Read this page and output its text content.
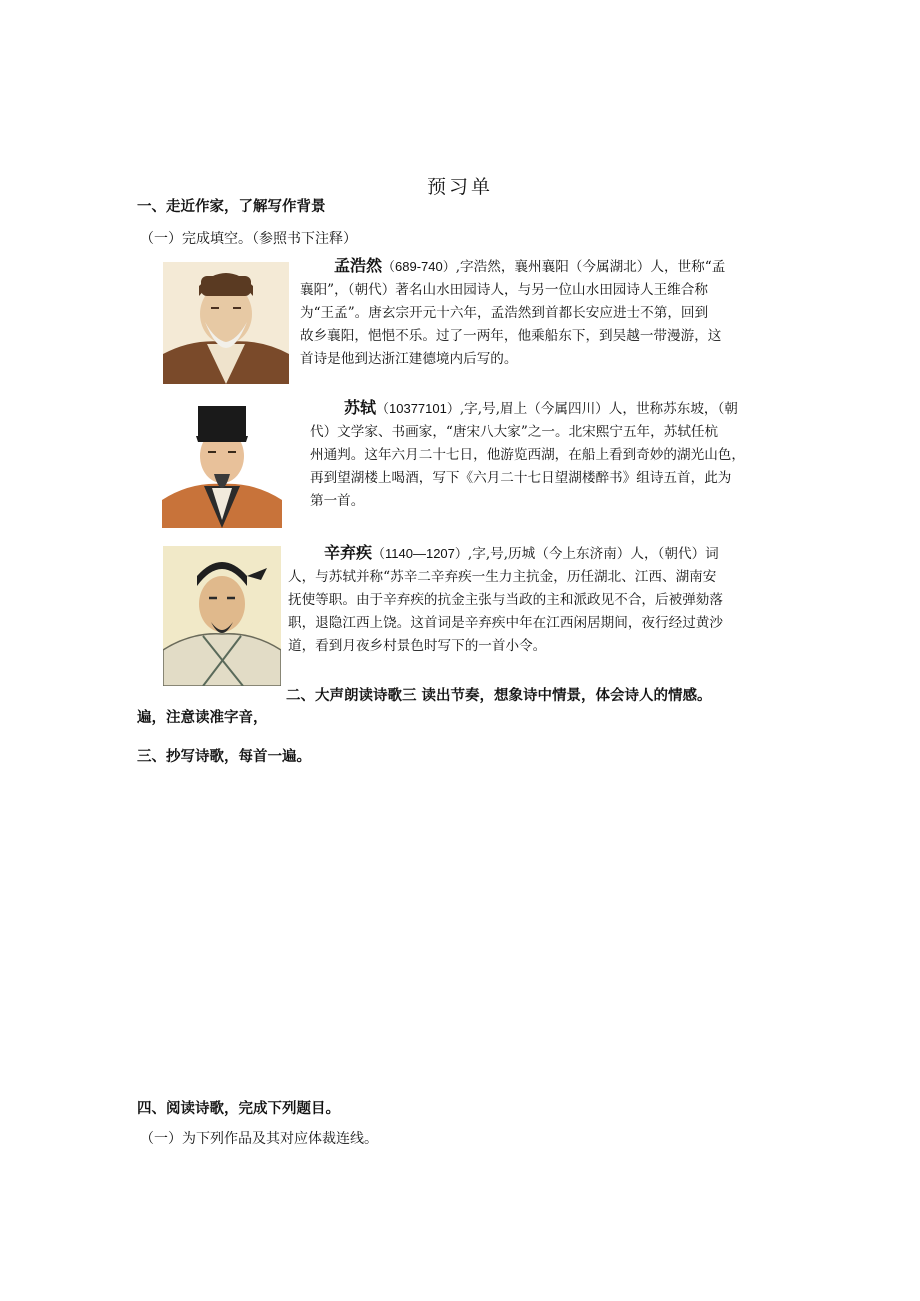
预习单
一、走近作家，了解写作背景
（一）完成填空。（参照书下注释）
孟浩然（689-740）,字浩然，襄州襄阳（今属湖北）人，世称“孟
襄阳”，（朝代）著名山水田园诗人，与另一位山水田园诗人王维合称
为“王孟”。唐玄宗开元十六年，孟浩然到首都长安应进士不第，回到
故乡襄阳，悒悒不乐。过了一两年，他乘船东下，到吴越一带漫游，这
首诗是他到达浙江建德境内后写的。
苏轼（10377101）,字,号,眉上（今属四川）人，世称苏东坡，（朝
代）文学家、书画家，“唐宋八大家”之一。北宋熙宁五年，苏轼任杭
州通判。这年六月二十七日，他游览西湖，在船上看到奇妙的湖光山色，
再到望湖楼上喝酒，写下《六月二十七日望湖楼醉书》组诗五首，此为
第一首。
辛弃疾（1140—1207）,字,号,历城（今上东济南）人，（朝代）词
人，与苏轼并称“苏辛二辛弃疾一生力主抗金，历任湖北、江西、湖南安
抚使等职。由于辛弃疾的抗金主张与当政的主和派政见不合，后被弹劾落
职，退隐江西上饶。这首词是辛弃疾中年在江西闲居期间，夜行经过黄沙
道，看到月夜乡村景色时写下的一首小令。
二、大声朗读诗歌三 读出节奏，想象诗中情景，体会诗人的情感。
遍，注意读准字音，
三、抄写诗歌，每首一遍。
四、阅读诗歌，完成下列题目。
（一）为下列作品及其对应体裁连线。
